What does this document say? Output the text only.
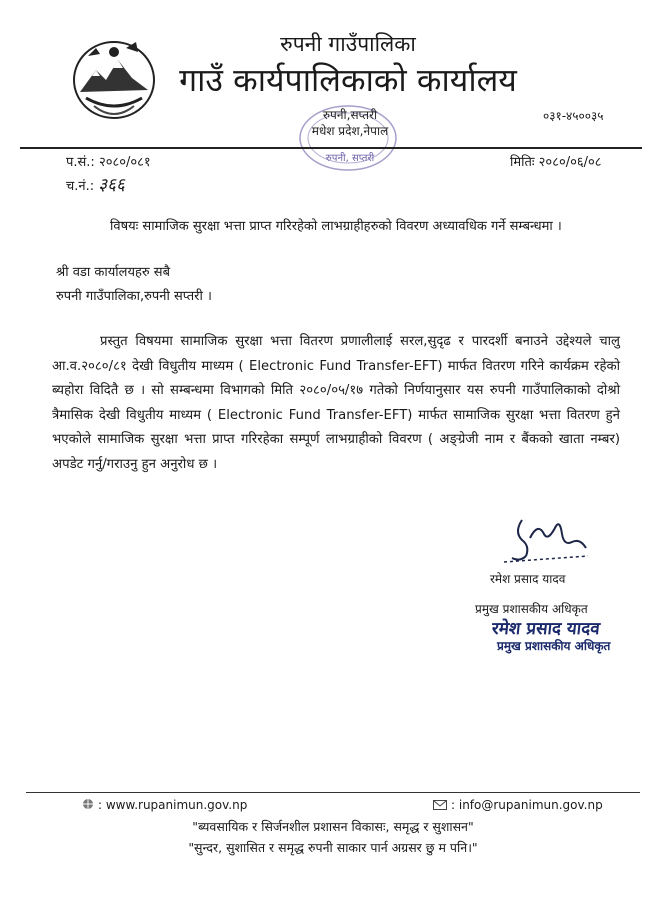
रुपनी गाउँपालिका
गाउँ कार्यपालिकाको कार्यालय
०३१-४५००३५
रुपनी,सप्तरी
मधेश प्रदेश,नेपाल
रुपनी, सप्तरी
प.सं.: २०८०/०८१
च.नं.: ३६६
मितिः २०८०/०६/०८
विषयः सामाजिक सुरक्षा भत्ता प्राप्त गरिरहेको लाभग्राहीहरुको विवरण अध्यावधिक गर्ने सम्बन्धमा ।
श्री वडा कार्यालयहरु सबै
रुपनी गाउँपालिका,रुपनी सप्तरी ।
प्रस्तुत विषयमा सामाजिक सुरक्षा भत्ता वितरण प्रणालीलाई सरल,सुदृढ र पारदर्शी बनाउने उद्देश्यले चालु आ.व.२०८०/८१ देखी विधुतीय माध्यम ( Electronic Fund Transfer-EFT) मार्फत वितरण गरिने कार्यक्रम रहेको ब्यहोरा विदितै छ । सो सम्बन्धमा विभागको मिति २०८०/०५/१७ गतेको निर्णयानुसार यस रुपनी गाउँपालिकाको दोश्रो त्रैमासिक देखी विधुतीय माध्यम ( Electronic Fund Transfer-EFT) मार्फत सामाजिक सुरक्षा भत्ता वितरण हुने भएकोले सामाजिक सुरक्षा भत्ता प्राप्त गरिरहेका सम्पूर्ण लाभग्राहीको विवरण ( अङ्ग्रेजी नाम र बैंकको खाता नम्बर) अपडेट गर्नु/गराउनु हुन अनुरोध छ ।
रमेश प्रसाद यादव
प्रमुख प्रशासकीय अधिकृत
रमेश प्रसाद यादव
प्रमुख प्रशासकीय अधिकृत
: www.rupanimun.gov.np	: info@rupanimun.gov.np
"ब्यवसायिक र सिर्जनशील प्रशासन विकासः, समृद्ध र सुशासन"
"सुन्दर, सुशासित र समृद्ध रुपनी साकार पार्न अग्रसर छु म पनि।"
